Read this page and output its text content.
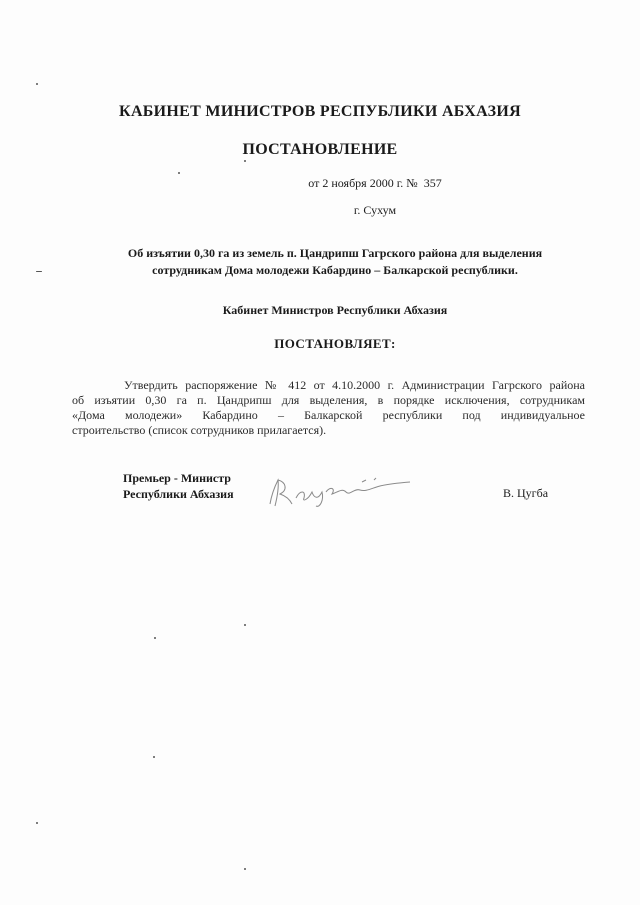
КАБИНЕТ МИНИСТРОВ РЕСПУБЛИКИ АБХАЗИЯ
ПОСТАНОВЛЕНИЕ
от 2 ноября 2000 г. № 357
г. Сухум
Об изъятии 0,30 га из земель п. Цандрипш Гагрского района для выделения
сотрудникам Дома молодежи Кабардино – Балкарской республики.
Кабинет Министров Республики Абхазия
ПОСТАНОВЛЯЕТ:
Утвердить распоряжение № 412 от 4.10.2000 г. Администрации Гагрского района
об изъятии 0,30 га п. Цандрипш для выделения, в порядке исключения, сотрудникам
«Дома молодежи» Кабардино – Балкарской республики под индивидуальное
строительство (список сотрудников прилагается).
Премьер - Министр
Республики Абхазия	В. Цугба
